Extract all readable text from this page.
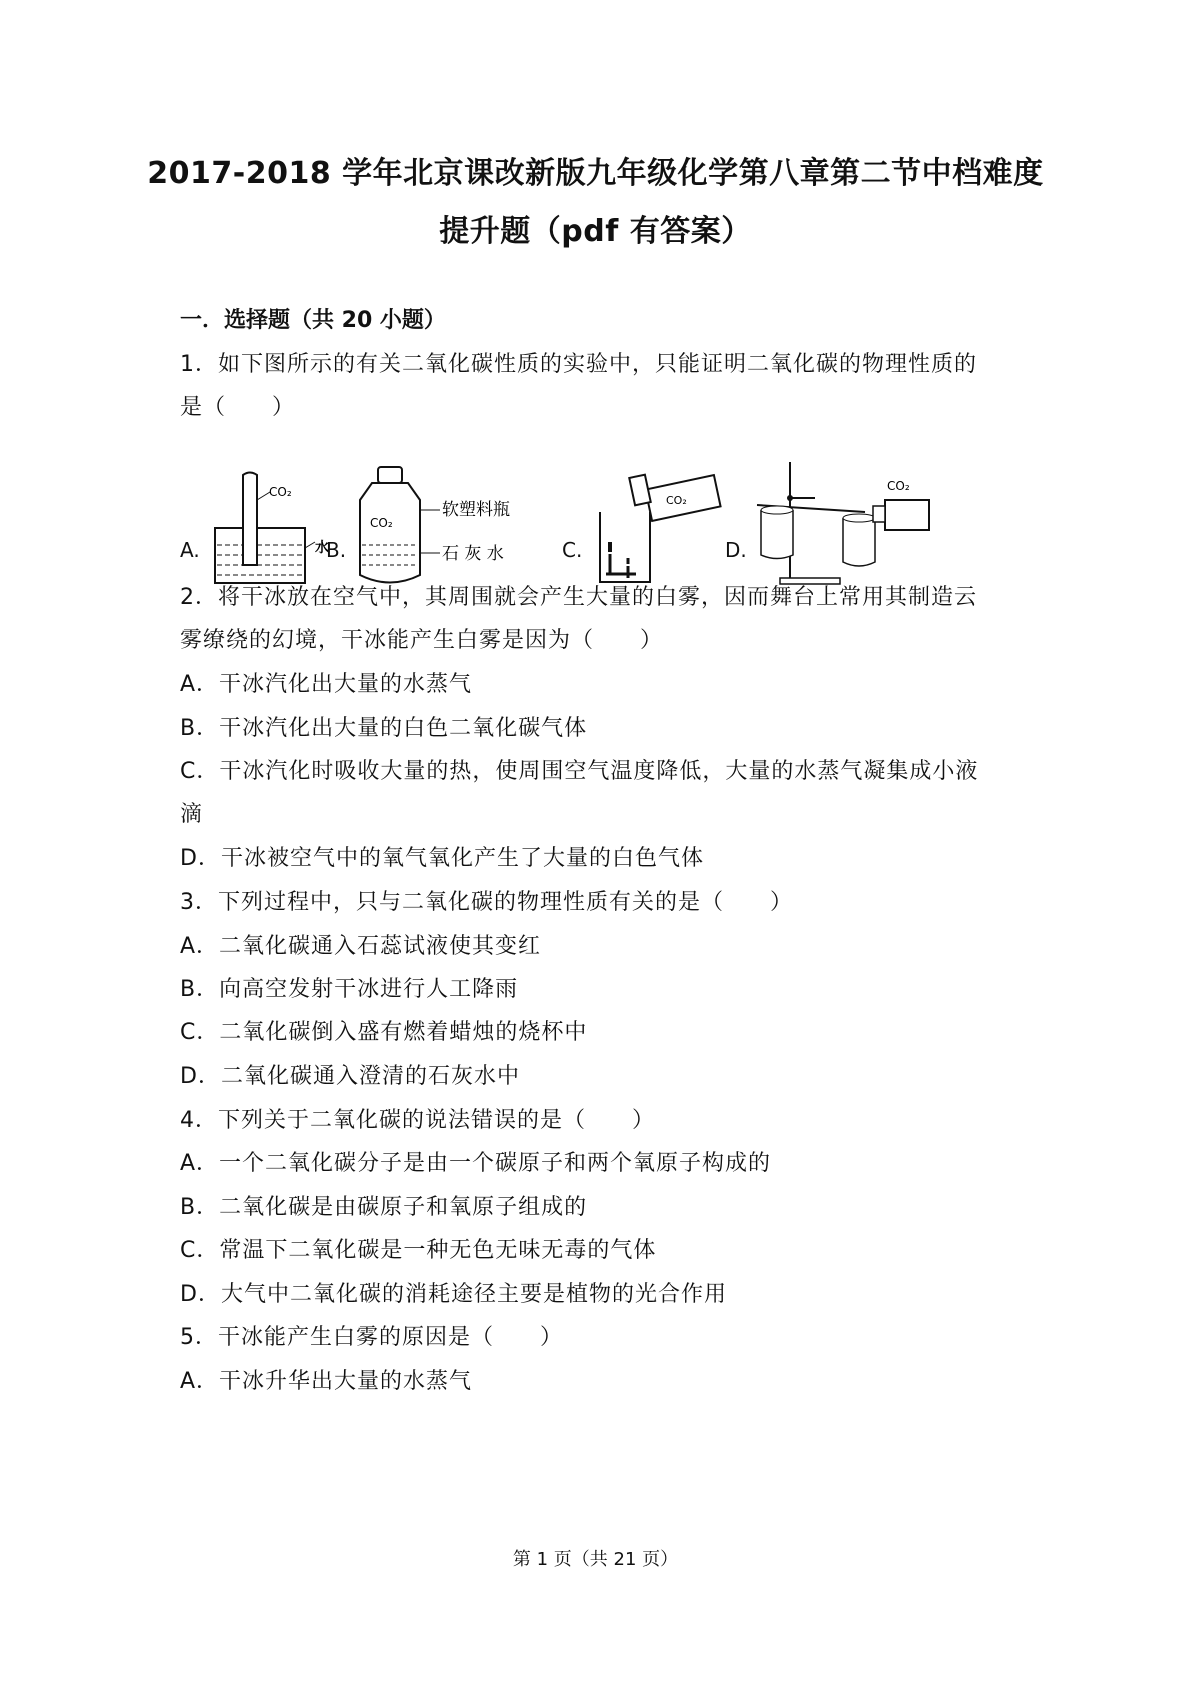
2017-2018 学年北京课改新版九年级化学第八章第二节中档难度
提升题（pdf 有答案）
一．选择题（共 20 小题）
1．如下图所示的有关二氧化碳性质的实验中，只能证明二氧化碳的物理性质的
是（　　）
A.
CO₂
水
B.
CO₂
软塑料瓶
石 灰 水	C.
CO₂
D.
CO₂
2．将干冰放在空气中，其周围就会产生大量的白雾，因而舞台上常用其制造云
雾缭绕的幻境，干冰能产生白雾是因为（　　）
A．干冰汽化出大量的水蒸气
B．干冰汽化出大量的白色二氧化碳气体
C．干冰汽化时吸收大量的热，使周围空气温度降低，大量的水蒸气凝集成小液
滴
D．干冰被空气中的氧气氧化产生了大量的白色气体
3．下列过程中，只与二氧化碳的物理性质有关的是（　　）
A．二氧化碳通入石蕊试液使其变红
B．向高空发射干冰进行人工降雨
C．二氧化碳倒入盛有燃着蜡烛的烧杯中
D．二氧化碳通入澄清的石灰水中
4．下列关于二氧化碳的说法错误的是（　　）
A．一个二氧化碳分子是由一个碳原子和两个氧原子构成的
B．二氧化碳是由碳原子和氧原子组成的
C．常温下二氧化碳是一种无色无味无毒的气体
D．大气中二氧化碳的消耗途径主要是植物的光合作用
5．干冰能产生白雾的原因是（　　）
A．干冰升华出大量的水蒸气
第 1 页（共 21 页）
